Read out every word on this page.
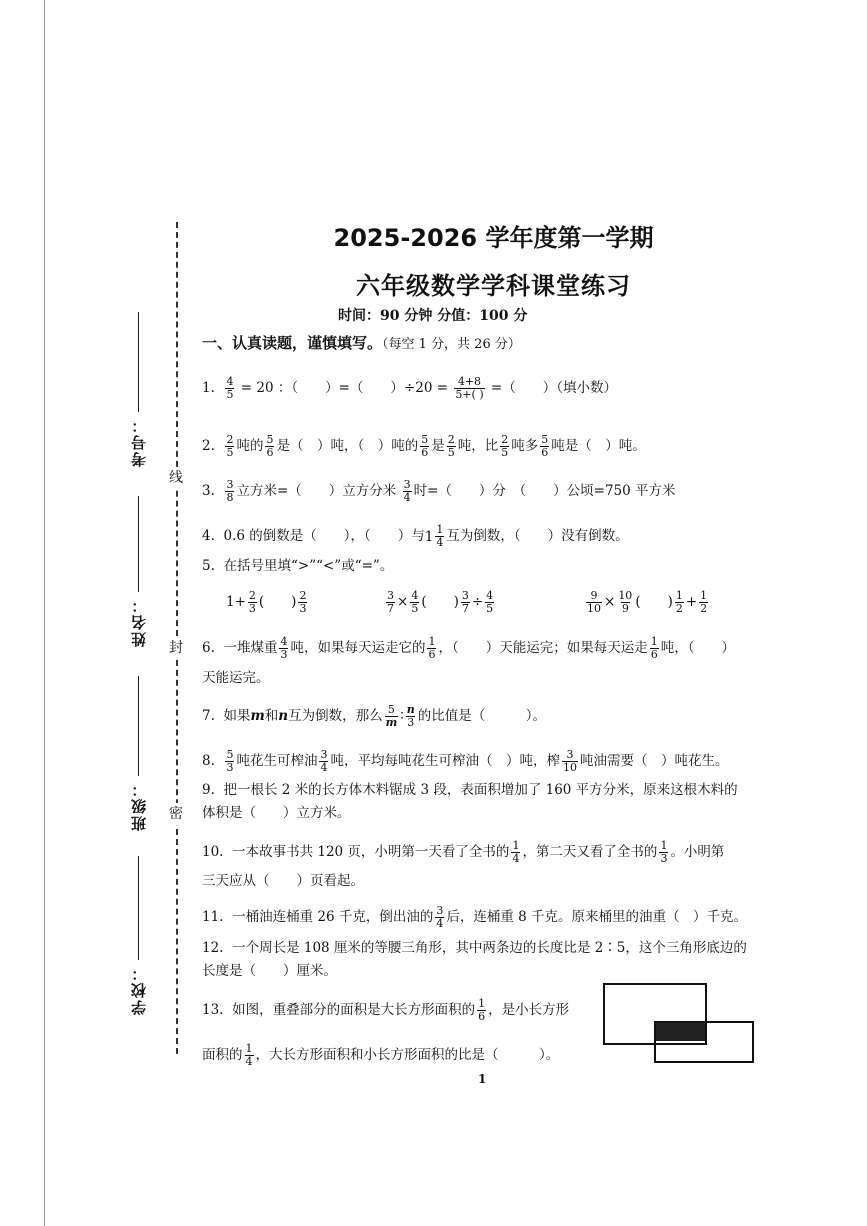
线
封
密
考号：
姓名：
班级：
学校：
2025-2026 学年度第一学期
六年级数学学科课堂练习
时间：90 分钟 分值：100 分
一、认真读题，谨慎填写。（每空 1 分，共 26 分）
1. $\frac{4}{5} = 20$ ：（　　）=（　　）$\div 20 = \frac{4+8}{5+( )}$ =（　　）（填小数）
2. $\frac{2}{5}$ 吨的 $\frac{5}{6}$ 是（　）吨，（　）吨的 $\frac{5}{6}$ 是 $\frac{2}{5}$ 吨，比 $\frac{2}{5}$ 吨多 $\frac{5}{6}$ 吨是（　）吨。
3. $\frac{3}{8}$ 立方米=（　　）立方分米 $\frac{3}{4}$ 时=（　　）分　（　　）公顷=750 平方米
4. 0.6 的倒数是（　　），（　　）与 $1 \frac{1}{4}$ 互为倒数，（　　）没有倒数。
5. 在括号里填“>”“<”或“=”。
$1+ \frac{2}{3}$ (　　) $\frac{2}{3}$	$\frac{3}{7} \times \frac{4}{5}$ (　　) $\frac{3}{7} \div \frac{4}{5}$	$\frac{9}{10} \times \frac{10}{9}$ (　　) $\frac{1}{2} + \frac{1}{2}$
6. 一堆煤重 $\frac{4}{3}$ 吨，如果每天运走它的 $\frac{1}{6}$ ，（　　）天能运完；如果每天运走 $\frac{1}{6}$ 吨，（　　）
天能运完。
7. 如果m和n互为倒数，那么 $\frac{5}{m}$ ∶ $\frac{n}{3}$ 的比值是（　　　）。
8. $\frac{5}{3}$ 吨花生可榨油 $\frac{3}{4}$ 吨，平均每吨花生可榨油（　）吨，榨 $\frac{3}{10}$ 吨油需要（　）吨花生。
9. 把一根长 2 米的长方体木料锯成 3 段，表面积增加了 160 平方分米，原来这根木料的
体积是（　　）立方米。
10. 一本故事书共 120 页，小明第一天看了全书的 $\frac{1}{4}$ ，第二天又看了全书的 $\frac{1}{3}$ 。小明第
三天应从（　　）页看起。
11. 一桶油连桶重 26 千克，倒出油的 $\frac{3}{4}$ 后，连桶重 8 千克。原来桶里的油重（　）千克。
12. 一个周长是 108 厘米的等腰三角形，其中两条边的长度比是 2∶5，这个三角形底边的
长度是（　　）厘米。
13. 如图，重叠部分的面积是大长方形面积的 $\frac{1}{6}$ ，是小长方形
面积的 $\frac{1}{4}$ ，大长方形面积和小长方形面积的比是（　　　）。
1
